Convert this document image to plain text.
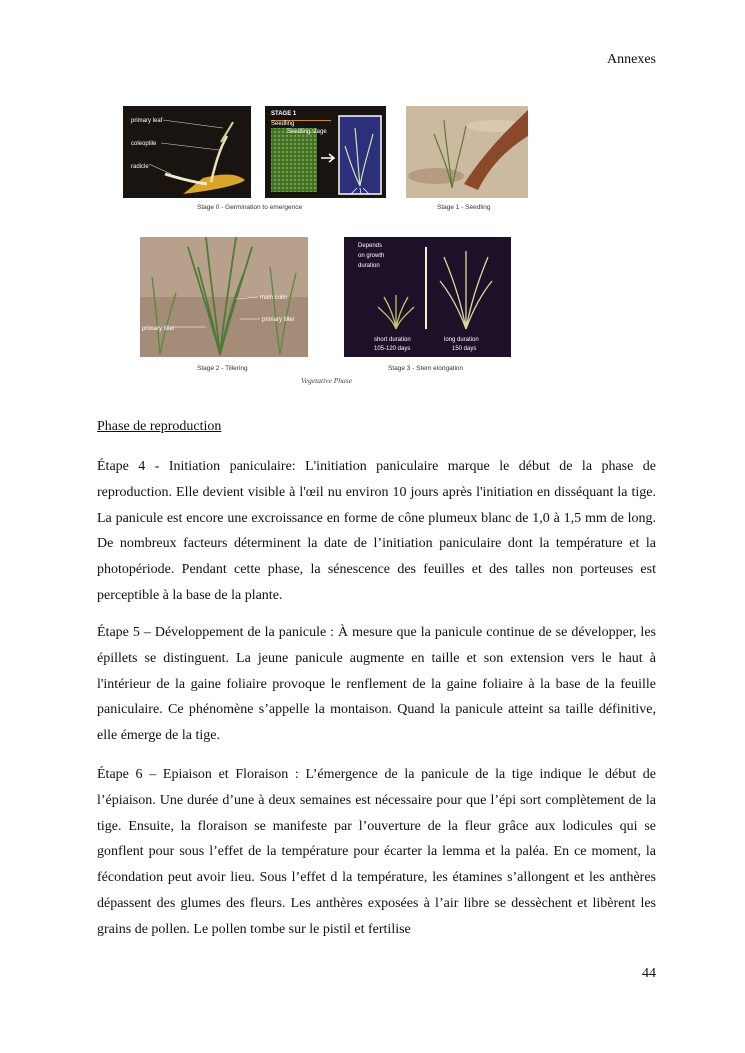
Annexes
primary leaf
coleoptile
radicle
STAGE 1
Seedling
Seedling stage
Stage 0 - Germination to emergence	Stage 1 - Seedling
main culm
primary tiller
primary tiller
Depends
on growth
duration
short duration
105-120 days
long duration
150 days
Stage 2 - Tillering	Stage 3 - Stem elongation
Vegetative Phase
Phase de reproduction

Étape 4 - Initiation paniculaire: L'initiation paniculaire marque le début de la phase de reproduction. Elle devient visible à l'œil nu environ 10 jours après l'initiation en disséquant la tige. La panicule est encore une excroissance en forme de cône plumeux blanc de 1,0 à 1,5 mm de long. De nombreux facteurs déterminent la date de l’initiation paniculaire dont la température et la photopériode. Pendant cette phase, la sénescence des feuilles et des talles non porteuses est perceptible à la base de la plante.

Étape 5 – Développement de la panicule : À mesure que la panicule continue de se développer, les épillets se distinguent. La jeune panicule augmente en taille et son extension vers le haut à l'intérieur de la gaine foliaire provoque le renflement de la gaine foliaire à la base de la feuille paniculaire. Ce phénomène s’appelle la montaison. Quand la panicule atteint sa taille définitive, elle émerge de la tige.

Étape 6 – Epiaison et Floraison : L’émergence de la panicule de la tige indique le début de l’épiaison. Une durée d’une à deux semaines est nécessaire pour que l’épi sort complètement de la tige. Ensuite, la floraison se manifeste par l’ouverture de la fleur grâce aux lodicules qui se gonflent pour sous l’effet de la température pour écarter la lemma et la paléa. En ce moment, la fécondation peut avoir lieu. Sous l’effet d la température, les étamines s’allongent et les anthères dépassent des glumes des fleurs. Les anthères exposées à l’air libre se dessèchent et libèrent les grains de pollen. Le pollen tombe sur le pistil et fertilise

44
